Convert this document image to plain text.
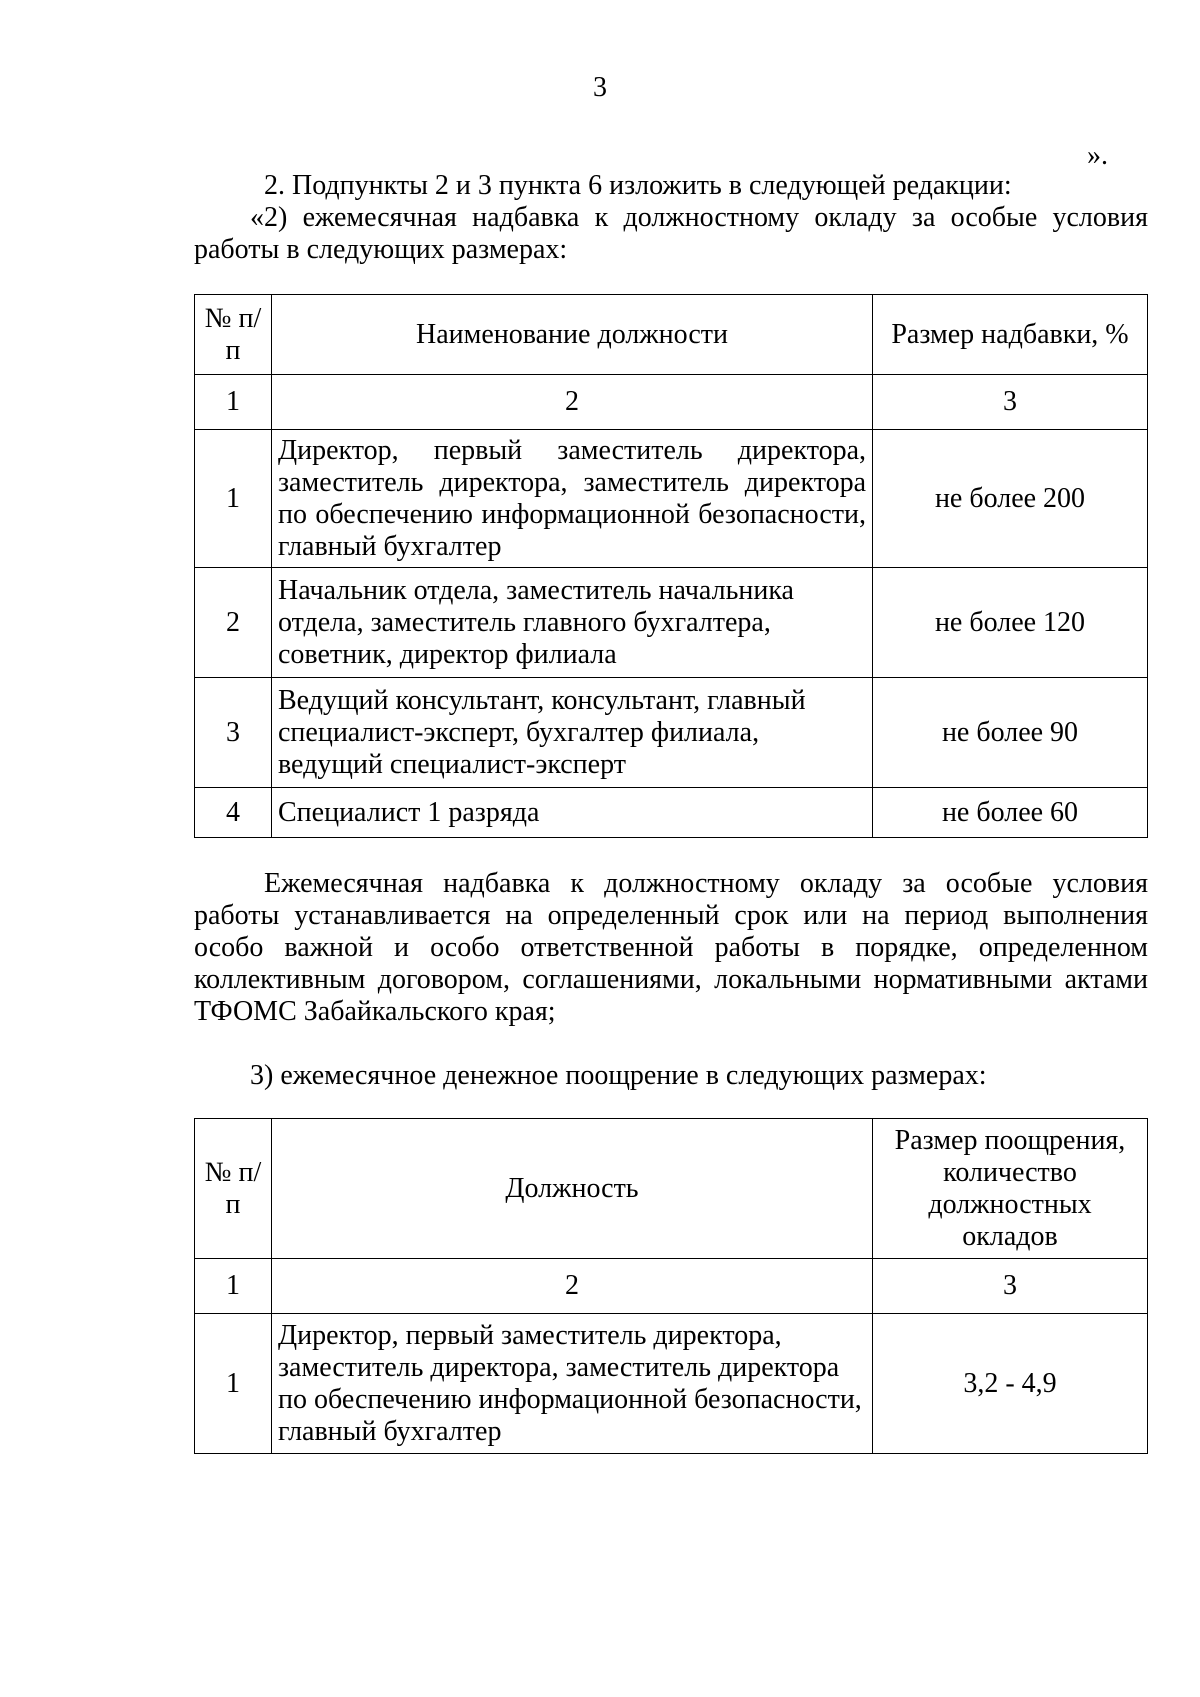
3
».

2. Подпункты 2 и 3 пункта 6 изложить в следующей редакции:

«2) ежемесячная надбавка к должностному окладу за особые условия работы в следующих размерах:

№ п/п	Наименование должности	Размер надбавки, %
1	2	3
1	Директор, первый заместитель директора, заместитель директора, заместитель директора по обеспечению информационной безопасности, главный бухгалтер	не более 200
2	Начальник отдела, заместитель начальника отдела, заместитель главного бухгалтера, советник, директор филиала	не более 120
3	Ведущий консультант, консультант, главный специалист-эксперт, бухгалтер филиала, ведущий специалист-эксперт	не более 90
4	Специалист 1 разряда	не более 60

Ежемесячная надбавка к должностному окладу за особые условия работы устанавливается на определенный срок или на период выполнения особо важной и особо ответственной работы в порядке, определенном коллективным договором, соглашениями, локальными нормативными актами ТФОМС Забайкальского края;

3) ежемесячное денежное поощрение в следующих размерах:

№ п/п	Должность	Размер поощрения, количество должностных окладов
1	2	3
1	Директор, первый заместитель директора, заместитель директора, заместитель директора по обеспечению информационной безопасности, главный бухгалтер	3,2 - 4,9
